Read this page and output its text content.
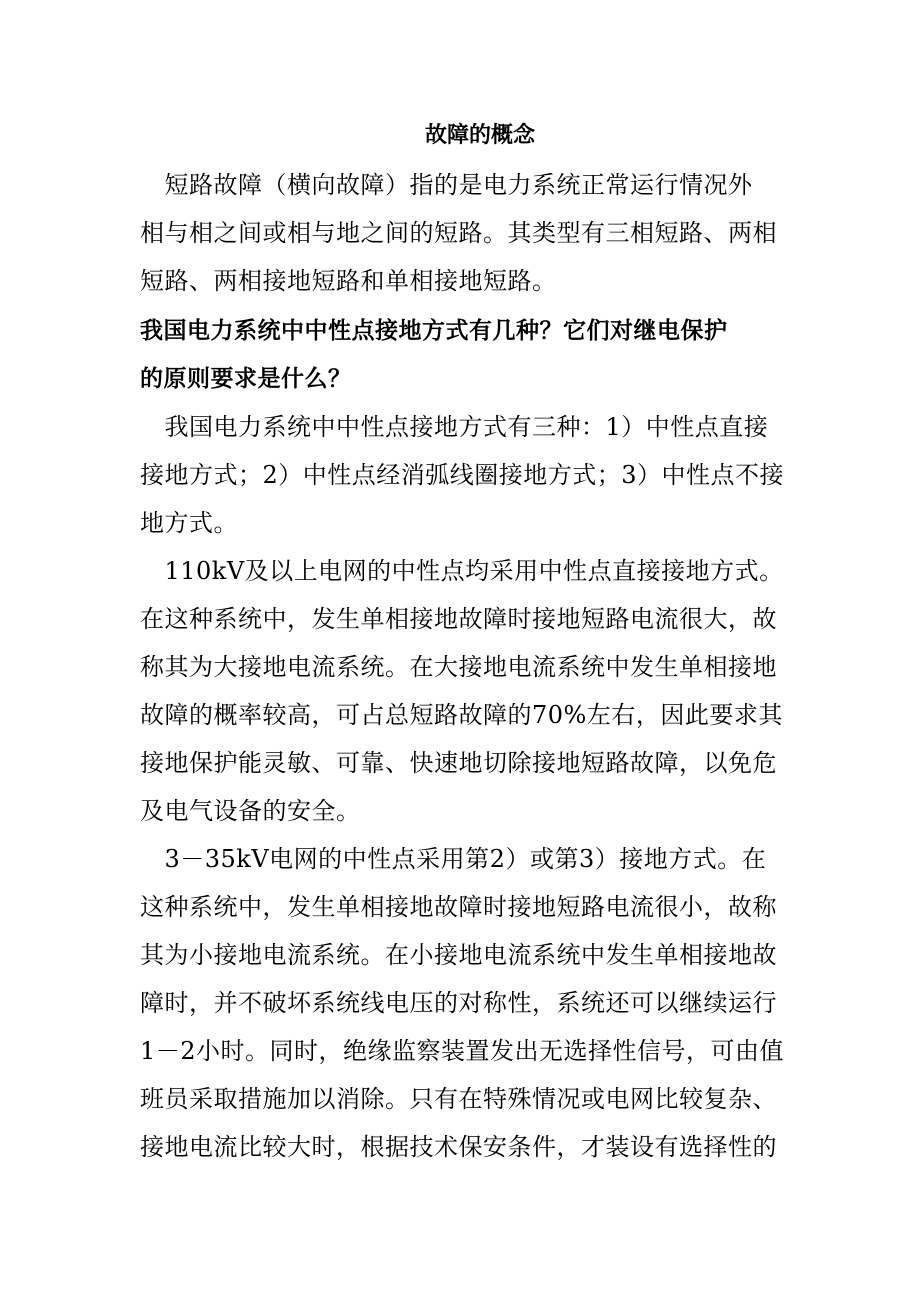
故障的概念
　短路故障（横向故障）指的是电力系统正常运行情况外
相与相之间或相与地之间的短路。其类型有三相短路、两相
短路、两相接地短路和单相接地短路。
我国电力系统中中性点接地方式有几种？它们对继电保护
的原则要求是什么？
　我国电力系统中中性点接地方式有三种：1）中性点直接
接地方式；2）中性点经消弧线圈接地方式；3）中性点不接
地方式。
　110kV及以上电网的中性点均采用中性点直接接地方式。
在这种系统中，发生单相接地故障时接地短路电流很大，故
称其为大接地电流系统。在大接地电流系统中发生单相接地
故障的概率较高，可占总短路故障的70%左右，因此要求其
接地保护能灵敏、可靠、快速地切除接地短路故障，以免危
及电气设备的安全。
　3－35kV电网的中性点采用第2）或第3）接地方式。在
这种系统中，发生单相接地故障时接地短路电流很小，故称
其为小接地电流系统。在小接地电流系统中发生单相接地故
障时，并不破坏系统线电压的对称性，系统还可以继续运行
1－2小时。同时，绝缘监察装置发出无选择性信号，可由值
班员采取措施加以消除。只有在特殊情况或电网比较复杂、
接地电流比较大时，根据技术保安条件，才装设有选择性的
